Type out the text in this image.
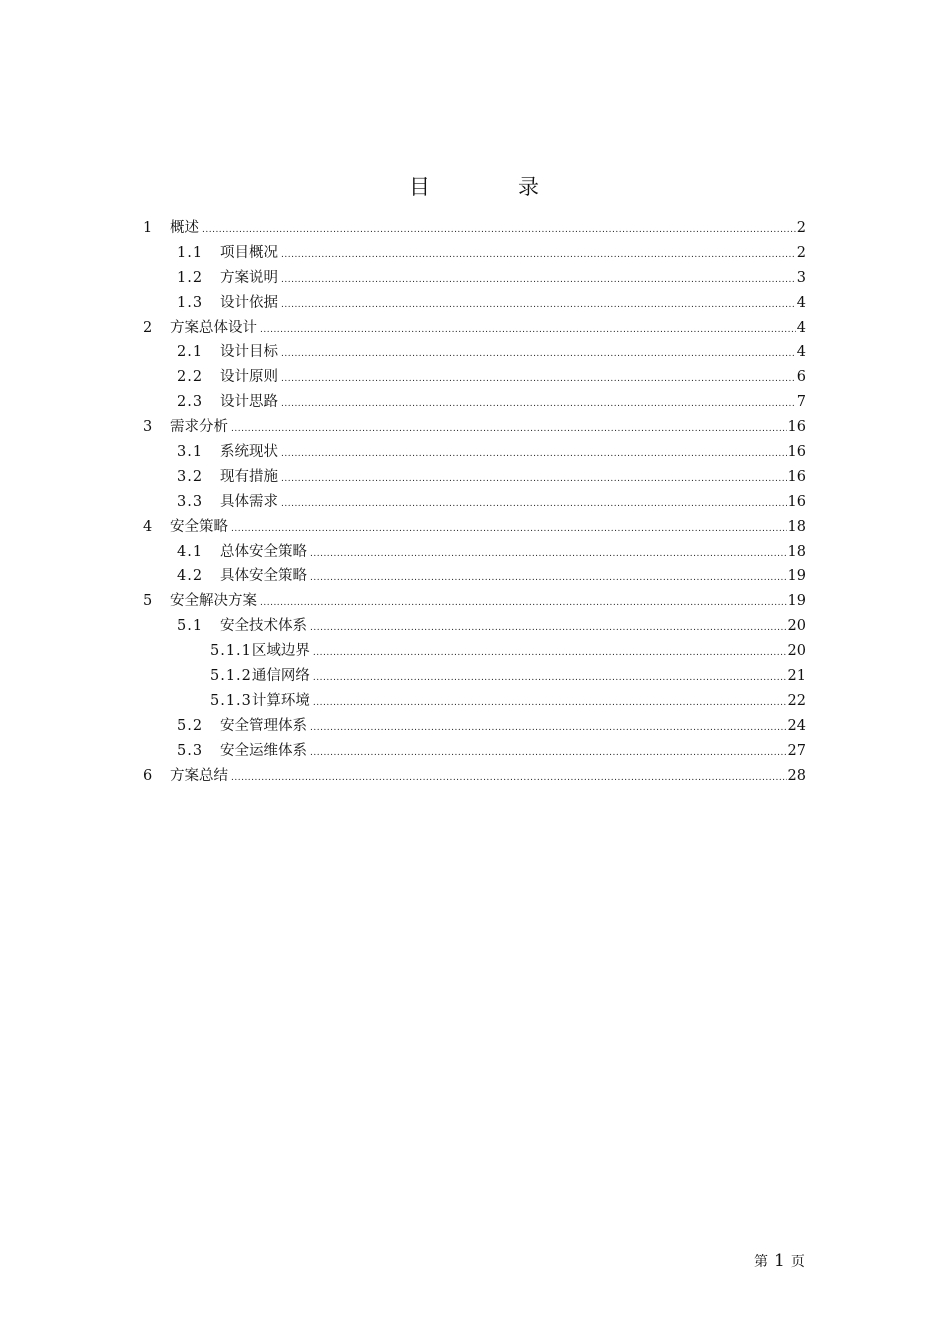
目	录
1	概述 .....	2
1.1	项目概况 .....	2
1.2	方案说明 .....	3
1.3	设计依据 .....	4
2	方案总体设计 .....	4
2.1	设计目标 .....	4
2.2	设计原则 .....	6
2.3	设计思路 .....	7
3	需求分析 .....	16
3.1	系统现状 .....	16
3.2	现有措施 .....	16
3.3	具体需求 .....	16
4	安全策略 .....	18
4.1	总体安全策略 .....	18
4.2	具体安全策略 .....	19
5	安全解决方案 .....	19
5.1	安全技术体系 .....	20
5.1.1 区域边界 .....	20
5.1.2 通信网络 .....	21
5.1.3 计算环境 .....	22
5.2	安全管理体系 .....	24
5.3	安全运维体系 .....	27
6	方案总结 .....	28
第 1 页
